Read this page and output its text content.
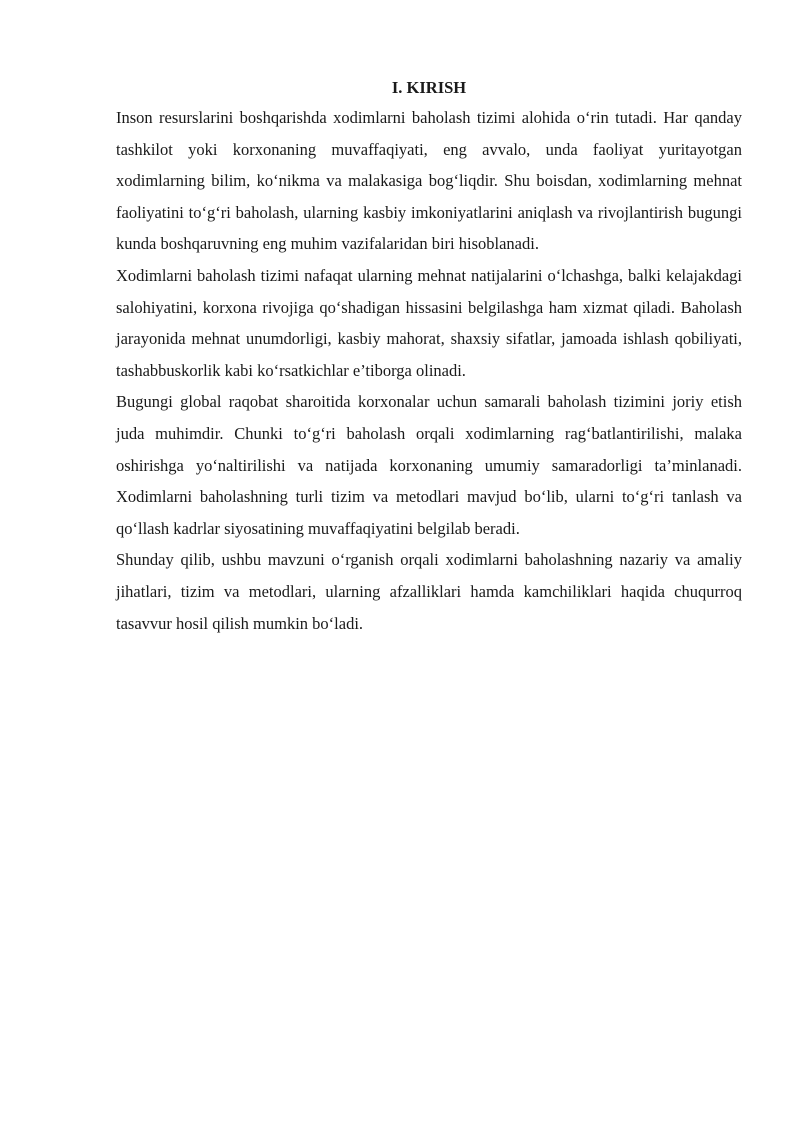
I. KIRISH

Inson resurslarini boshqarishda xodimlarni baholash tizimi alohida o‘rin tutadi. Har qanday tashkilot yoki korxonaning muvaffaqiyati, eng avvalo, unda faoliyat yuritayotgan xodimlarning bilim, ko‘nikma va malakasiga bog‘liqdir. Shu boisdan, xodimlarning mehnat faoliyatini to‘g‘ri baholash, ularning kasbiy imkoniyatlarini aniqlash va rivojlantirish bugungi kunda boshqaruvning eng muhim vazifalaridan biri hisoblanadi.

Xodimlarni baholash tizimi nafaqat ularning mehnat natijalarini o‘lchashga, balki kelajakdagi salohiyatini, korxona rivojiga qo‘shadigan hissasini belgilashga ham xizmat qiladi. Baholash jarayonida mehnat unumdorligi, kasbiy mahorat, shaxsiy sifatlar, jamoada ishlash qobiliyati, tashabbuskorlik kabi ko‘rsatkichlar e’tiborga olinadi.

Bugungi global raqobat sharoitida korxonalar uchun samarali baholash tizimini joriy etish juda muhimdir. Chunki to‘g‘ri baholash orqali xodimlarning rag‘batlantirilishi, malaka oshirishga yo‘naltirilishi va natijada korxonaning umumiy samaradorligi ta’minlanadi. Xodimlarni baholashning turli tizim va metodlari mavjud bo‘lib, ularni to‘g‘ri tanlash va qo‘llash kadrlar siyosatining muvaffaqiyatini belgilab beradi.

Shunday qilib, ushbu mavzuni o‘rganish orqali xodimlarni baholashning nazariy va amaliy jihatlari, tizim va metodlari, ularning afzalliklari hamda kamchiliklari haqida chuqurroq tasavvur hosil qilish mumkin bo‘ladi.
